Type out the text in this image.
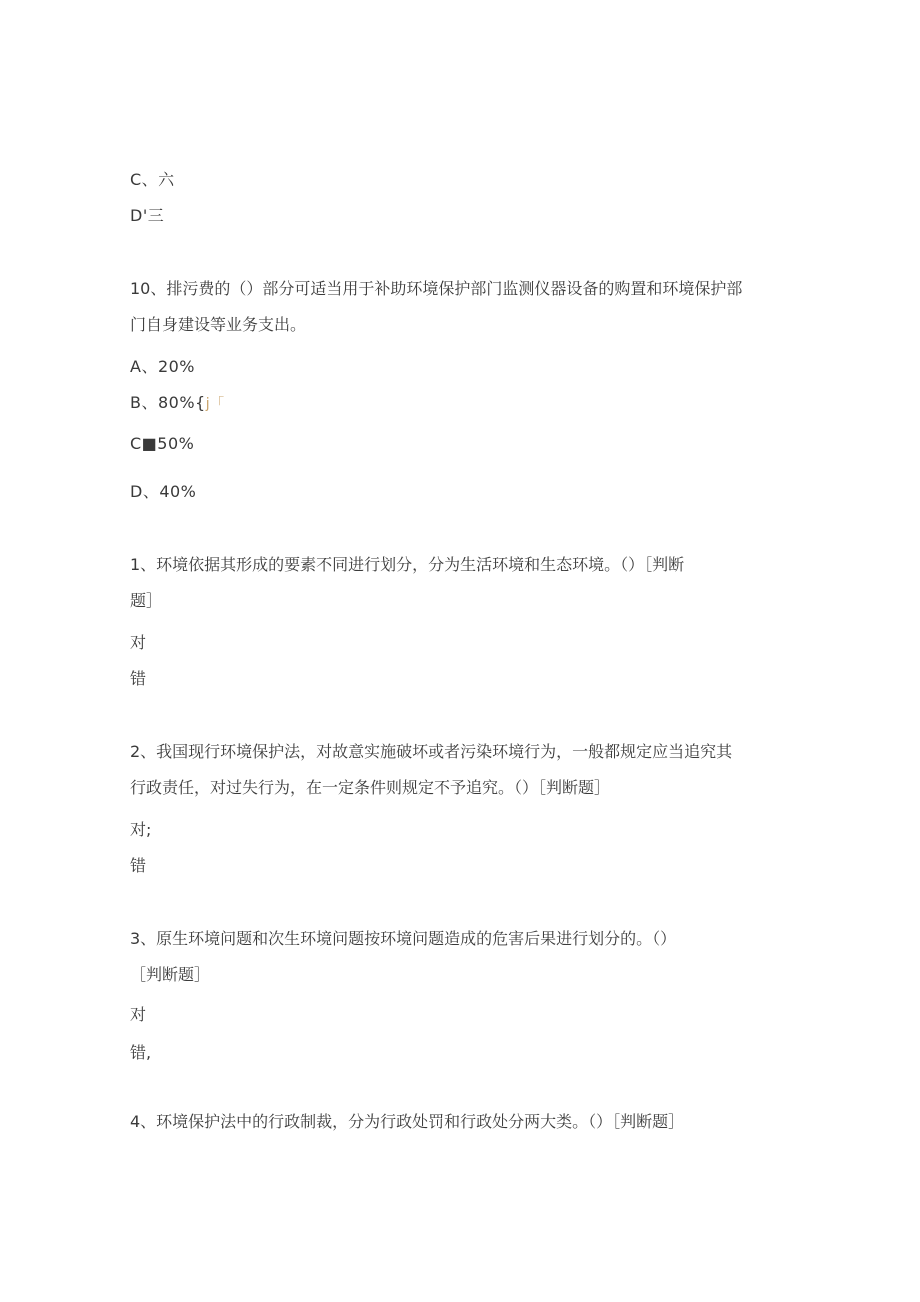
C、六
D'三
10、排污费的（）部分可适当用于补助环境保护部门监测仪器设备的购置和环境保护部
门自身建设等业务支出。
A、20%
B、80%{j「
C■50%
D、40%
1、环境依据其形成的要素不同进行划分，分为生活环境和生态环境。（）［判断
题］
对
错
2、我国现行环境保护法，对故意实施破坏或者污染环境行为，一般都规定应当追究其
行政责任，对过失行为，在一定条件则规定不予追究。（）［判断题］
对;
错
3、原生环境问题和次生环境问题按环境问题造成的危害后果进行划分的。（）
［判断题］
对
错,
4、环境保护法中的行政制裁，分为行政处罚和行政处分两大类。（）［判断题］
